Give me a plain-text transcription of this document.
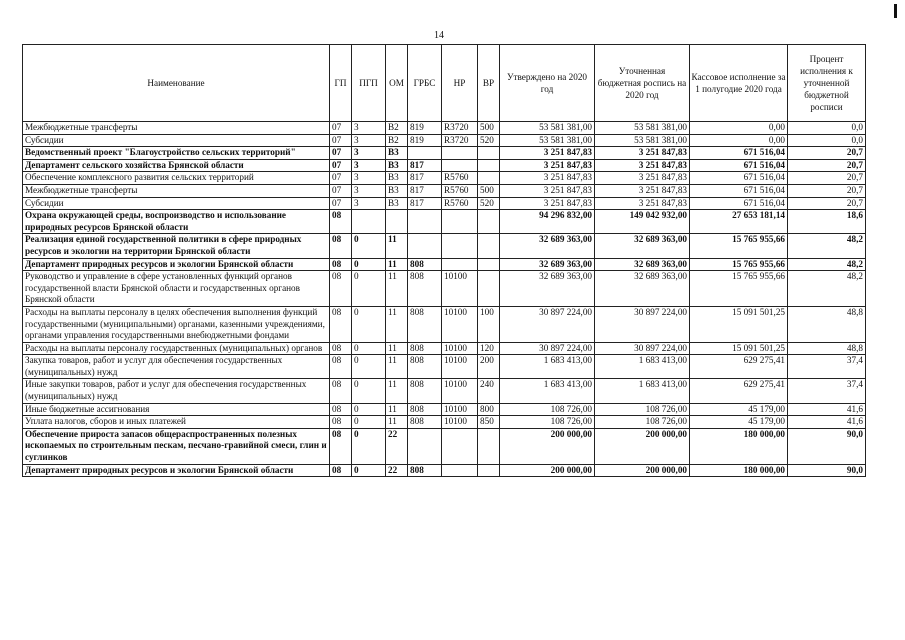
14
Наименование	ГП	ПГП	ОМ	ГРБС	НР	ВР	Утверждено на 2020 год	Уточненная бюджетная роспись на 2020 год	Кассовое исполнение за 1 полугодие 2020 года	Процент исполнения к уточненной бюджетной росписи
Межбюджетные трансферты	07	3	В2	819	R3720	500	53 581 381,00	53 581 381,00	0,00	0,0
Субсидии	07	3	В2	819	R3720	520	53 581 381,00	53 581 381,00	0,00	0,0
Ведомственный проект "Благоустройство сельских территорий"	07	3	В3				3 251 847,83	3 251 847,83	671 516,04	20,7
Департамент сельского хозяйства Брянской области	07	3	В3	817			3 251 847,83	3 251 847,83	671 516,04	20,7
Обеспечение комплексного развития сельских территорий	07	3	В3	817	R5760		3 251 847,83	3 251 847,83	671 516,04	20,7
Межбюджетные трансферты	07	3	В3	817	R5760	500	3 251 847,83	3 251 847,83	671 516,04	20,7
Субсидии	07	3	В3	817	R5760	520	3 251 847,83	3 251 847,83	671 516,04	20,7
Охрана окружающей среды, воспроизводство и использование природных ресурсов Брянской области	08						94 296 832,00	149 042 932,00	27 653 181,14	18,6
Реализация единой государственной политики в сфере природных ресурсов и экологии на территории Брянской области	08	0	11				32 689 363,00	32 689 363,00	15 765 955,66	48,2
Департамент природных ресурсов и экологии Брянской области	08	0	11	808			32 689 363,00	32 689 363,00	15 765 955,66	48,2
Руководство и управление в сфере установленных функций органов государственной власти Брянской области и государственных органов Брянской области	08	0	11	808	10100		32 689 363,00	32 689 363,00	15 765 955,66	48,2
Расходы на выплаты персоналу в целях обеспечения выполнения функций государственными (муниципальными) органами, казенными учреждениями, органами управления государственными внебюджетными фондами	08	0	11	808	10100	100	30 897 224,00	30 897 224,00	15 091 501,25	48,8
Расходы на выплаты персоналу государственных (муниципальных) органов	08	0	11	808	10100	120	30 897 224,00	30 897 224,00	15 091 501,25	48,8
Закупка товаров, работ и услуг для обеспечения государственных (муниципальных) нужд	08	0	11	808	10100	200	1 683 413,00	1 683 413,00	629 275,41	37,4
Иные закупки товаров, работ и услуг для обеспечения государственных (муниципальных) нужд	08	0	11	808	10100	240	1 683 413,00	1 683 413,00	629 275,41	37,4
Иные бюджетные ассигнования	08	0	11	808	10100	800	108 726,00	108 726,00	45 179,00	41,6
Уплата налогов, сборов и иных платежей	08	0	11	808	10100	850	108 726,00	108 726,00	45 179,00	41,6
Обеспечение прироста запасов общераспространенных полезных ископаемых по строительным пескам, песчано-гравийной смеси, глин и суглинков	08	0	22				200 000,00	200 000,00	180 000,00	90,0
Департамент природных ресурсов и экологии Брянской области	08	0	22	808			200 000,00	200 000,00	180 000,00	90,0
